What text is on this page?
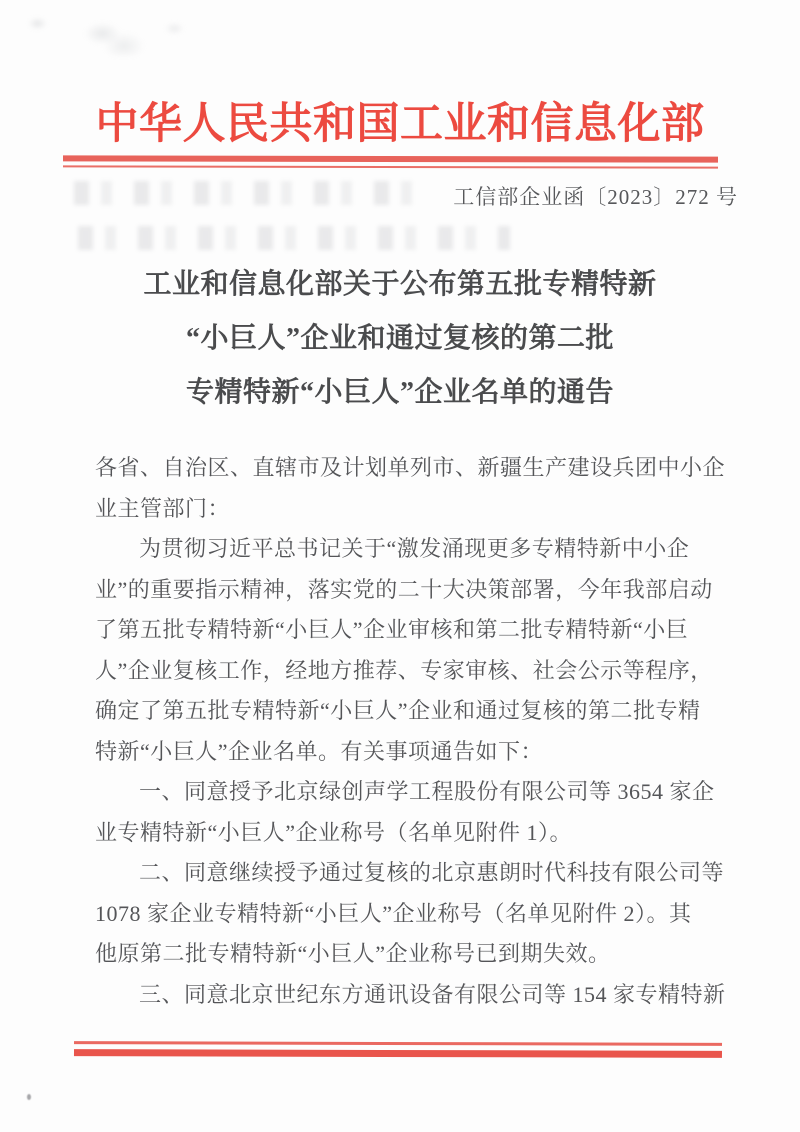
中华人民共和国工业和信息化部
工信部企业函〔2023〕272 号
工业和信息化部关于公布第五批专精特新
“小巨人”企业和通过复核的第二批
专精特新“小巨人”企业名单的通告
各省、自治区、直辖市及计划单列市、新疆生产建设兵团中小企
业主管部门：
为贯彻习近平总书记关于“激发涌现更多专精特新中小企
业”的重要指示精神，落实党的二十大决策部署，今年我部启动
了第五批专精特新“小巨人”企业审核和第二批专精特新“小巨
人”企业复核工作，经地方推荐、专家审核、社会公示等程序，
确定了第五批专精特新“小巨人”企业和通过复核的第二批专精
特新“小巨人”企业名单。有关事项通告如下：
一、同意授予北京绿创声学工程股份有限公司等 3654 家企
业专精特新“小巨人”企业称号（名单见附件 1）。
二、同意继续授予通过复核的北京惠朗时代科技有限公司等
1078 家企业专精特新“小巨人”企业称号（名单见附件 2）。其
他原第二批专精特新“小巨人”企业称号已到期失效。
三、同意北京世纪东方通讯设备有限公司等 154 家专精特新
